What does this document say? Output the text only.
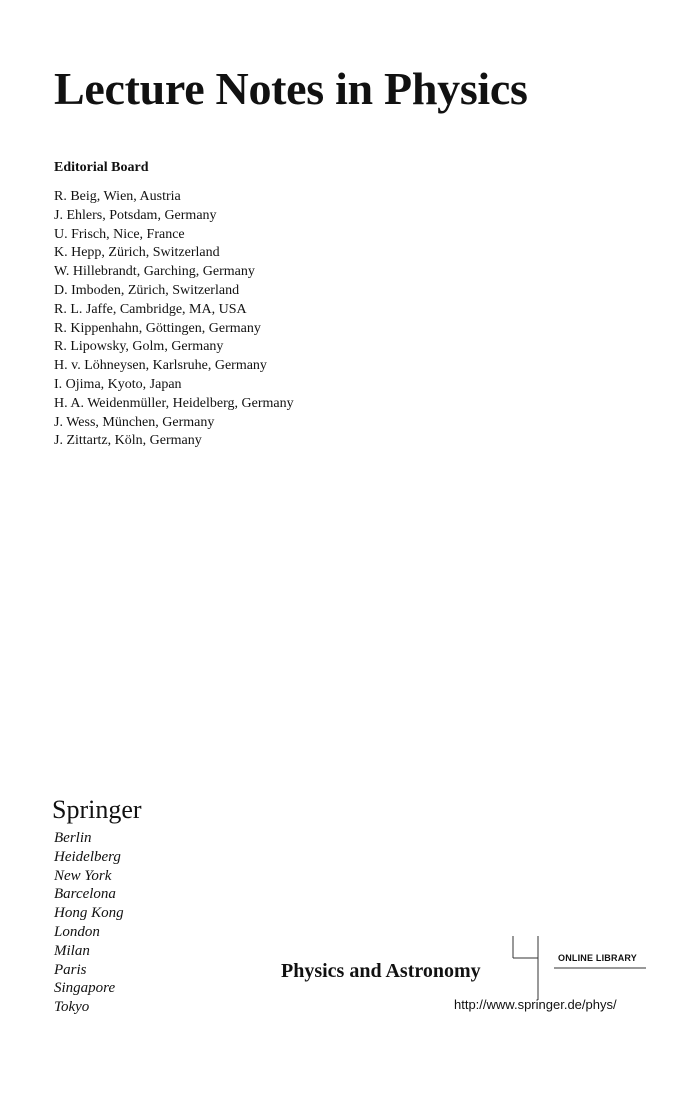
Lecture Notes in Physics
Editorial Board
R. Beig, Wien, Austria
J. Ehlers, Potsdam, Germany
U. Frisch, Nice, France
K. Hepp, Zürich, Switzerland
W. Hillebrandt, Garching, Germany
D. Imboden, Zürich, Switzerland
R. L. Jaffe, Cambridge, MA, USA
R. Kippenhahn, Göttingen, Germany
R. Lipowsky, Golm, Germany
H. v. Löhneysen, Karlsruhe, Germany
I. Ojima, Kyoto, Japan
H. A. Weidenmüller, Heidelberg, Germany
J. Wess, München, Germany
J. Zittartz, Köln, Germany
Springer
Berlin
Heidelberg
New York
Barcelona
Hong Kong
London
Milan
Paris
Singapore
Tokyo
ONLINE LIBRARY
Physics and Astronomy
http://www.springer.de/phys/
